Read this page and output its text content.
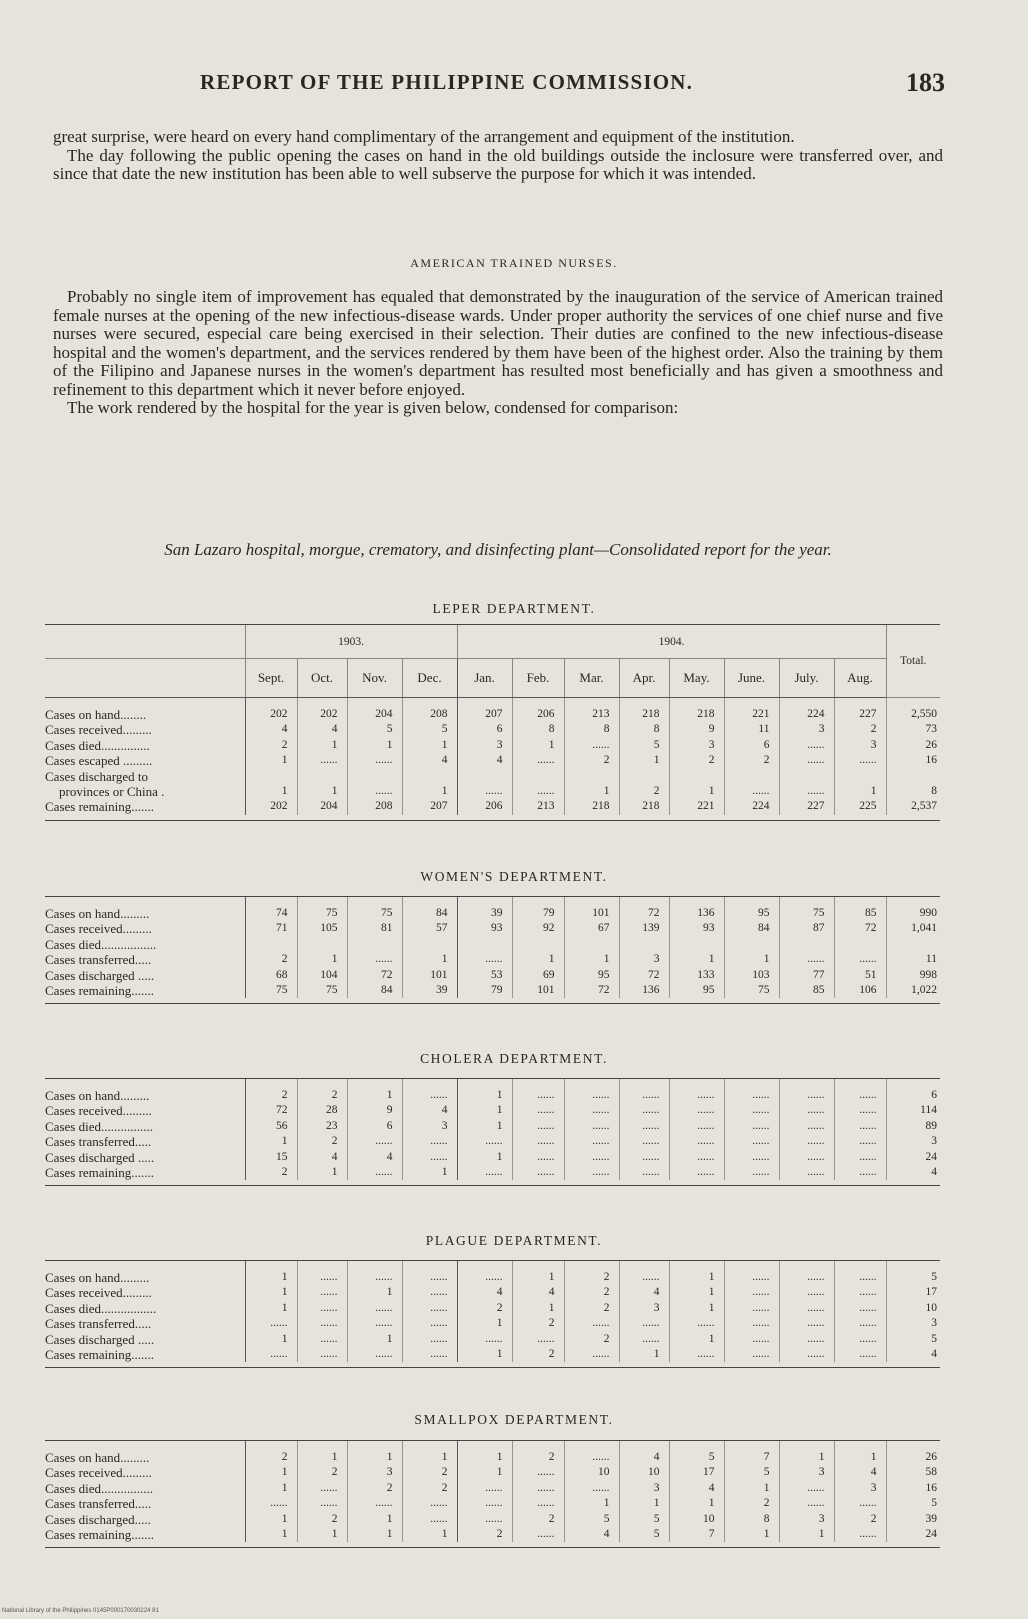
REPORT OF THE PHILIPPINE COMMISSION.	183

great surprise, were heard on every hand complimentary of the arrangement and equipment of the institution.

The day following the public opening the cases on hand in the old buildings outside the inclosure were transferred over, and since that date the new institution has been able to well subserve the purpose for which it was intended.

AMERICAN TRAINED NURSES.

Probably no single item of improvement has equaled that demonstrated by the inauguration of the service of American trained female nurses at the opening of the new infectious-disease wards. Under proper authority the services of one chief nurse and five nurses were secured, especial care being exercised in their selection. Their duties are confined to the new infectious-disease hospital and the women's department, and the services rendered by them have been of the highest order. Also the training by them of the Filipino and Japanese nurses in the women's department has resulted most beneficially and has given a smoothness and refinement to this department which it never before enjoyed.

The work rendered by the hospital for the year is given below, condensed for comparison:

San Lazaro hospital, morgue, crematory, and disinfecting plant—Consolidated report for the year.
LEPER DEPARTMENT.

	1903.				1904.								Total.
	Sept.	Oct.	Nov.	Dec.	Jan.	Feb.	Mar.	Apr.	May.	June.	July.	Aug.	
Cases on hand........	202	202	204	208	207	206	213	218	218	221	224	227	2,550
Cases received.........	4	4	5	5	6	8	8	8	9	11	3	2	73
Cases died...............	2	1	1	1	3	1	......	5	3	6	......	3	26
Cases escaped .........	1	......	......	4	4	......	2	1	2	2	......	......	16
Cases discharged to													
provinces or China .	1	1	......	1	......	......	1	2	1	......	......	1	8
Cases remaining.......	202	204	208	207	206	213	218	218	221	224	227	225	2,537

WOMEN'S DEPARTMENT.

Cases on hand.........	74	75	75	84	39	79	101	72	136	95	75	85	990
Cases received.........	71	105	81	57	93	92	67	139	93	84	87	72	1,041
Cases died.................													
Cases transferred.....	2	1	......	1	......	1	1	3	1	1	......	......	11
Cases discharged .....	68	104	72	101	53	69	95	72	133	103	77	51	998
Cases remaining.......	75	75	84	39	79	101	72	136	95	75	85	106	1,022

CHOLERA DEPARTMENT.

Cases on hand.........	2	2	1	......	1	......	......	......	......	......	......	......	6
Cases received.........	72	28	9	4	1	......	......	......	......	......	......	......	114
Cases died................	56	23	6	3	1	......	......	......	......	......	......	......	89
Cases transferred.....	1	2	......	......	......	......	......	......	......	......	......	......	3
Cases discharged .....	15	4	4	......	1	......	......	......	......	......	......	......	24
Cases remaining.......	2	1	......	1	......	......	......	......	......	......	......	......	4

PLAGUE DEPARTMENT.

Cases on hand.........	1	......	......	......	......	1	2	......	1	......	......	......	5
Cases received.........	1	......	1	......	4	4	2	4	1	......	......	......	17
Cases died.................	1	......	......	......	2	1	2	3	1	......	......	......	10
Cases transferred.....	......	......	......	......	1	2	......	......	......	......	......	......	3
Cases discharged .....	1	......	1	......	......	......	2	......	1	......	......	......	5
Cases remaining.......	......	......	......	......	1	2	......	1	......	......	......	......	4

SMALLPOX DEPARTMENT.

Cases on hand.........	2	1	1	1	1	2	......	4	5	7	1	1	26
Cases received.........	1	2	3	2	1	......	10	10	17	5	3	4	58
Cases died................	1	......	2	2	......	......	......	3	4	1	......	3	16
Cases transferred.....	......	......	......	......	......	......	1	1	1	2	......	......	5
Cases discharged.....	1	2	1	......	......	2	5	5	10	8	3	2	39
Cases remaining.......	1	1	1	1	2	......	4	5	7	1	1	......	24

National Library of the Philippines 0145P000170030224 81
